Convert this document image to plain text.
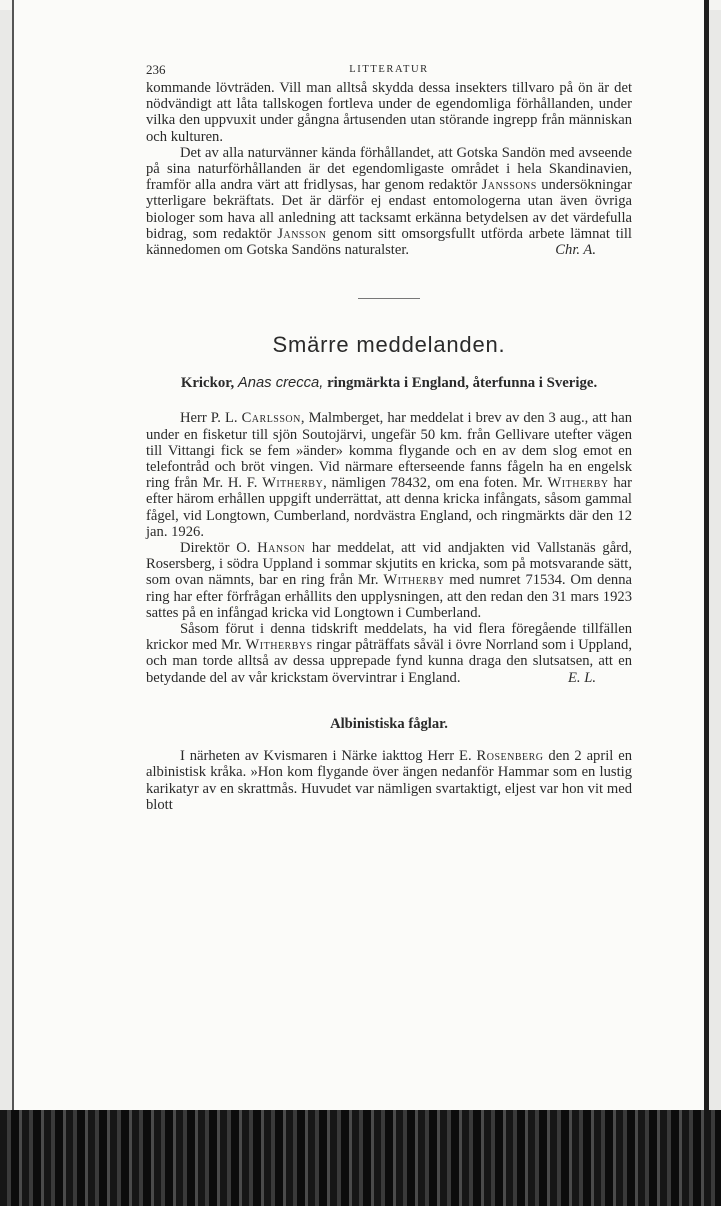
236	LITTERATUR

kommande lövträden. Vill man alltså skydda dessa insekters tillvaro på ön är det nödvändigt att låta tallskogen fortleva under de egendomliga förhållanden, under vilka den uppvuxit under gångna årtusenden utan störande ingrepp från människan och kulturen.

Det av alla naturvänner kända förhållandet, att Gotska Sandön med avseende på sina naturförhållanden är det egendomligaste området i hela Skandinavien, framför alla andra värt att fridlysas, har genom redaktör Janssons undersökningar ytterligare bekräftats. Det är därför ej endast entomologerna utan även övriga biologer som hava all anledning att tacksamt erkänna betydelsen av det värdefulla bidrag, som redaktör Jansson genom sitt omsorgsfullt utförda arbete lämnat till kännedomen om Gotska Sandöns naturalster.	Chr. A.

Smärre meddelanden.
Krickor, Anas crecca, ringmärkta i England, återfunna i Sverige.

Herr P. L. Carlsson, Malmberget, har meddelat i brev av den 3 aug., att han under en fisketur till sjön Soutojärvi, ungefär 50 km. från Gellivare utefter vägen till Vittangi fick se fem »änder» komma flygande och en av dem slog emot en telefontråd och bröt vingen. Vid närmare efterseende fanns fågeln ha en engelsk ring från Mr. H. F. Witherby, nämligen 78432, om ena foten. Mr. Witherby har efter härom erhållen uppgift underrättat, att denna kricka infångats, såsom gammal fågel, vid Longtown, Cumberland, nordvästra England, och ringmärkts där den 12 jan. 1926.

Direktör O. Hanson har meddelat, att vid andjakten vid Vallstanäs gård, Rosersberg, i södra Uppland i sommar skjutits en kricka, som på motsvarande sätt, som ovan nämnts, bar en ring från Mr. Witherby med numret 71534. Om denna ring har efter förfrågan erhållits den upplysningen, att den redan den 31 mars 1923 sattes på en infångad kricka vid Longtown i Cumberland.

Såsom förut i denna tidskrift meddelats, ha vid flera föregående tillfällen krickor med Mr. Witherbys ringar påträffats såväl i övre Norrland som i Uppland, och man torde alltså av dessa upprepade fynd kunna draga den slutsatsen, att en betydande del av vår krickstam övervintrar i England.	E. L.

Albinistiska fåglar.

I närheten av Kvismaren i Närke iakttog Herr E. Rosenberg den 2 april en albinistisk kråka. »Hon kom flygande över ängen nedanför Hammar som en lustig karikatyr av en skrattmås. Huvudet var nämligen svartaktigt, eljest var hon vit med blott
